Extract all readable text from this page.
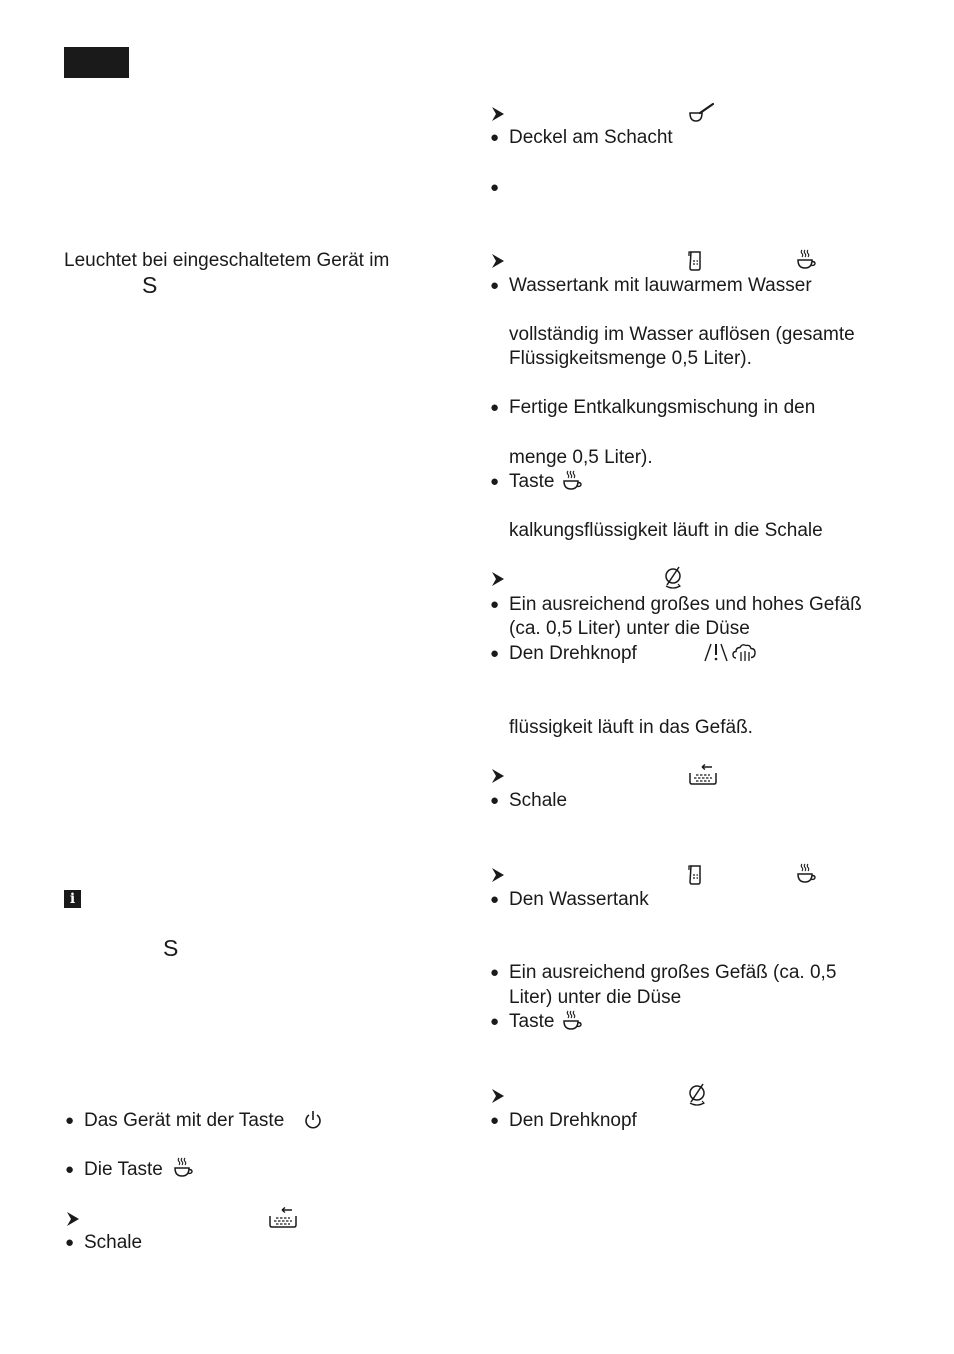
Leuchtet bei eingeschaltetem Gerät im
S
i
S
● Das Gerät mit der Taste
● Die Taste
● Schale
● Deckel am Schacht
●
● Wassertank mit lauwarmem Wasser
vollständig im Wasser auflösen (gesamte
Flüssigkeitsmenge 0,5 Liter).
● Fertige Entkalkungsmischung in den
menge 0,5 Liter).
● Taste
kalkungsflüssigkeit läuft in die Schale
● Ein ausreichend großes und hohes Gefäß
(ca. 0,5 Liter) unter die Düse
● Den Drehknopf
flüssigkeit läuft in das Gefäß.
● Schale
● Den Wassertank
● Ein ausreichend großes Gefäß (ca. 0,5
Liter) unter die Düse
● Taste
● Den Drehknopf
